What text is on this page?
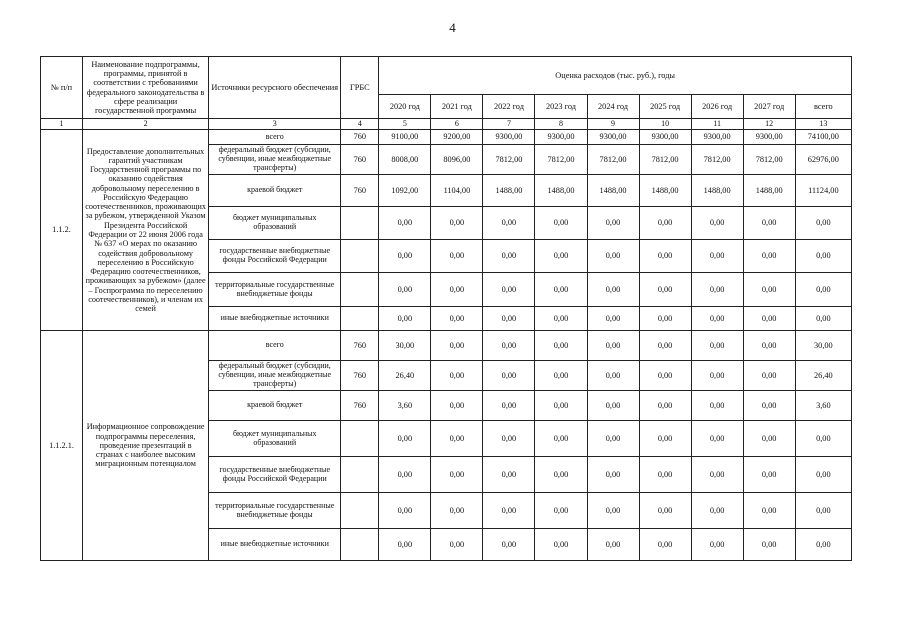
4
№ п/п	Наименование подпрограммы, программы, принятой в соответствии с требованиями федерального законодательства в сфере реализации государственной программы	Источники ресурсного обеспечения	ГРБС	Оценка расходов (тыс. руб.), годы								
				2020 год	2021 год	2022 год	2023 год	2024 год	2025 год	2026 год	2027 год	всего
1	2	3	4	5	6	7	8	9	10	11	12	13
1.1.2.	Предоставление дополнительных гарантий участникам Государственной программы по оказанию содействия добровольному переселению в Российскую Федерацию соотечественников, проживающих за рубежом, утвержденной Указом Президента Российской Федерации от 22 июня 2006 года № 637 «О мерах по оказанию содействия добровольному переселению в Российскую Федерацию соотечественников, проживающих за рубежом» (далее – Госпрограмма по переселению соотечественников), и членам их семей	всего	760	9100,00	9200,00	9300,00	9300,00	9300,00	9300,00	9300,00	9300,00	74100,00
		федеральный бюджет (субсидии, субвенции, иные межбюджетные трансферты)	760	8008,00	8096,00	7812,00	7812,00	7812,00	7812,00	7812,00	7812,00	62976,00
		краевой бюджет	760	1092,00	1104,00	1488,00	1488,00	1488,00	1488,00	1488,00	1488,00	11124,00
		бюджет муниципальных образований		0,00	0,00	0,00	0,00	0,00	0,00	0,00	0,00	0,00
		государственные внебюджетные фонды Российской Федерации		0,00	0,00	0,00	0,00	0,00	0,00	0,00	0,00	0,00
		территориальные государственные внебюджетные фонды		0,00	0,00	0,00	0,00	0,00	0,00	0,00	0,00	0,00
		иные внебюджетные источники		0,00	0,00	0,00	0,00	0,00	0,00	0,00	0,00	0,00
1.1.2.1.	Информационное сопровождение подпрограммы переселения, проведение презентаций в странах с наиболее высоким миграционным потенциалом	всего	760	30,00	0,00	0,00	0,00	0,00	0,00	0,00	0,00	30,00
		федеральный бюджет (субсидии, субвенции, иные межбюджетные трансферты)	760	26,40	0,00	0,00	0,00	0,00	0,00	0,00	0,00	26,40
		краевой бюджет	760	3,60	0,00	0,00	0,00	0,00	0,00	0,00	0,00	3,60
		бюджет муниципальных образований		0,00	0,00	0,00	0,00	0,00	0,00	0,00	0,00	0,00
		государственные внебюджетные фонды Российской Федерации		0,00	0,00	0,00	0,00	0,00	0,00	0,00	0,00	0,00
		территориальные государственные внебюджетные фонды		0,00	0,00	0,00	0,00	0,00	0,00	0,00	0,00	0,00
		иные внебюджетные источники		0,00	0,00	0,00	0,00	0,00	0,00	0,00	0,00	0,00
